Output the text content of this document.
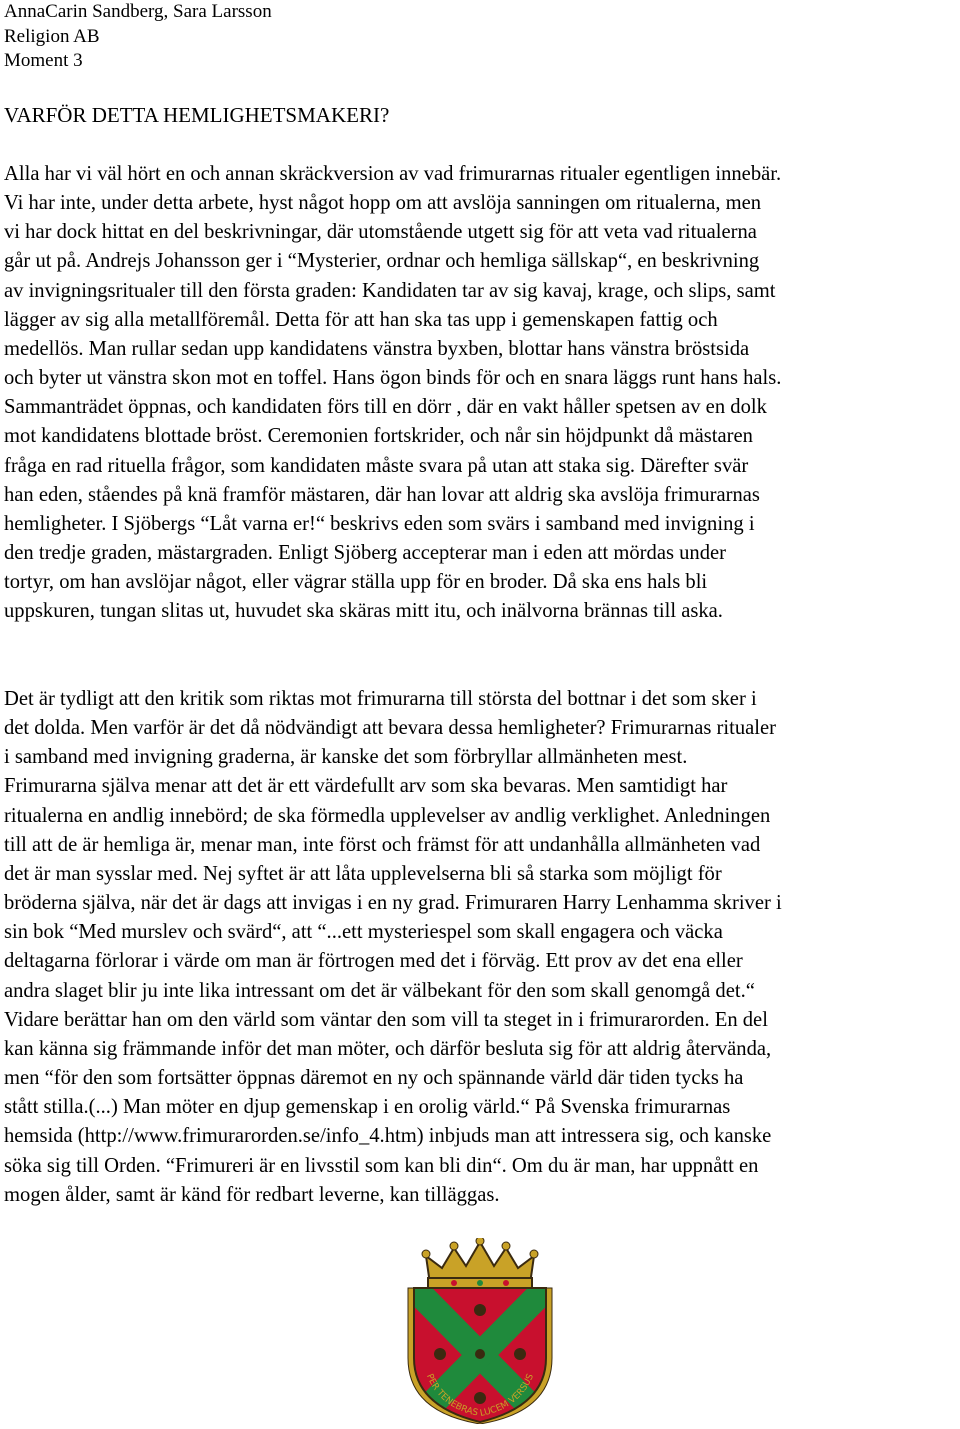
AnnaCarin Sandberg, Sara Larsson
Religion AB
Moment 3
VARFÖR DETTA HEMLIGHETSMAKERI?
Alla har vi väl hört en och annan skräckversion av vad frimurarnas ritualer egentligen innebär.
Vi har inte, under detta arbete, hyst något hopp om att avslöja sanningen om ritualerna, men
vi har dock hittat en del beskrivningar, där utomstående utgett sig för att veta vad ritualerna
går ut på. Andrejs Johansson ger i “Mysterier, ordnar och hemliga sällskap“, en beskrivning
av invigningsritualer till den första graden: Kandidaten tar av sig kavaj, krage, och slips, samt
lägger av sig alla metallföremål. Detta för att han ska tas upp i gemenskapen fattig och
medellös. Man rullar sedan upp kandidatens vänstra byxben, blottar hans vänstra bröstsida
och byter ut vänstra skon mot en toffel. Hans ögon binds för och en snara läggs runt hans hals.
Sammanträdet öppnas, och kandidaten förs till en dörr , där en vakt håller spetsen av en dolk
mot kandidatens blottade bröst. Ceremonien fortskrider, och når sin höjdpunkt då mästaren
fråga en rad rituella frågor, som kandidaten måste svara på utan att staka sig. Därefter svär
han eden, ståendes på knä framför mästaren, där han lovar att aldrig ska avslöja frimurarnas
hemligheter. I Sjöbergs “Låt varna er!“ beskrivs eden som svärs i samband med invigning i
den tredje graden, mästargraden. Enligt Sjöberg accepterar man i eden att mördas under
tortyr, om han avslöjar något, eller vägrar ställa upp för en broder. Då ska ens hals bli
uppskuren, tungan slitas ut, huvudet ska skäras mitt itu, och inälvorna brännas till aska.
Det är tydligt att den kritik som riktas mot frimurarna till största del bottnar i det som sker i
det dolda. Men varför är det då nödvändigt att bevara dessa hemligheter? Frimurarnas ritualer
i samband med invigning graderna, är kanske det som förbryllar allmänheten mest.
Frimurarna själva menar att det är ett värdefullt arv som ska bevaras. Men samtidigt har
ritualerna en andlig innebörd; de ska förmedla upplevelser av andlig verklighet. Anledningen
till att de är hemliga är, menar man, inte först och främst för att undanhålla allmänheten vad
det är man sysslar med. Nej syftet är att låta upplevelserna bli så starka som möjligt för
bröderna själva, när det är dags att invigas i en ny grad. Frimuraren Harry Lenhamma skriver i
sin bok “Med murslev och svärd“, att “...ett mysteriespel som skall engagera och väcka
deltagarna förlorar i värde om man är förtrogen med det i förväg. Ett prov av det ena eller
andra slaget blir ju inte lika intressant om det är välbekant för den som skall genomgå det.“
Vidare berättar han om den värld som väntar den som vill ta steget in i frimurarorden. En del
kan känna sig främmande inför det man möter, och därför besluta sig för att aldrig återvända,
men “för den som fortsätter öppnas däremot en ny och spännande värld där tiden tycks ha
stått stilla.(...) Man möter en djup gemenskap i en orolig värld.“ På Svenska frimurarnas
hemsida (http://www.frimurarorden.se/info_4.htm) inbjuds man att intressera sig, och kanske
söka sig till Orden. “Frimureri är en livsstil som kan bli din“. Om du är man, har uppnått en
mogen ålder, samt är känd för redbart leverne, kan tilläggas.
PER TENEBRAS LUCEM VERSUS
